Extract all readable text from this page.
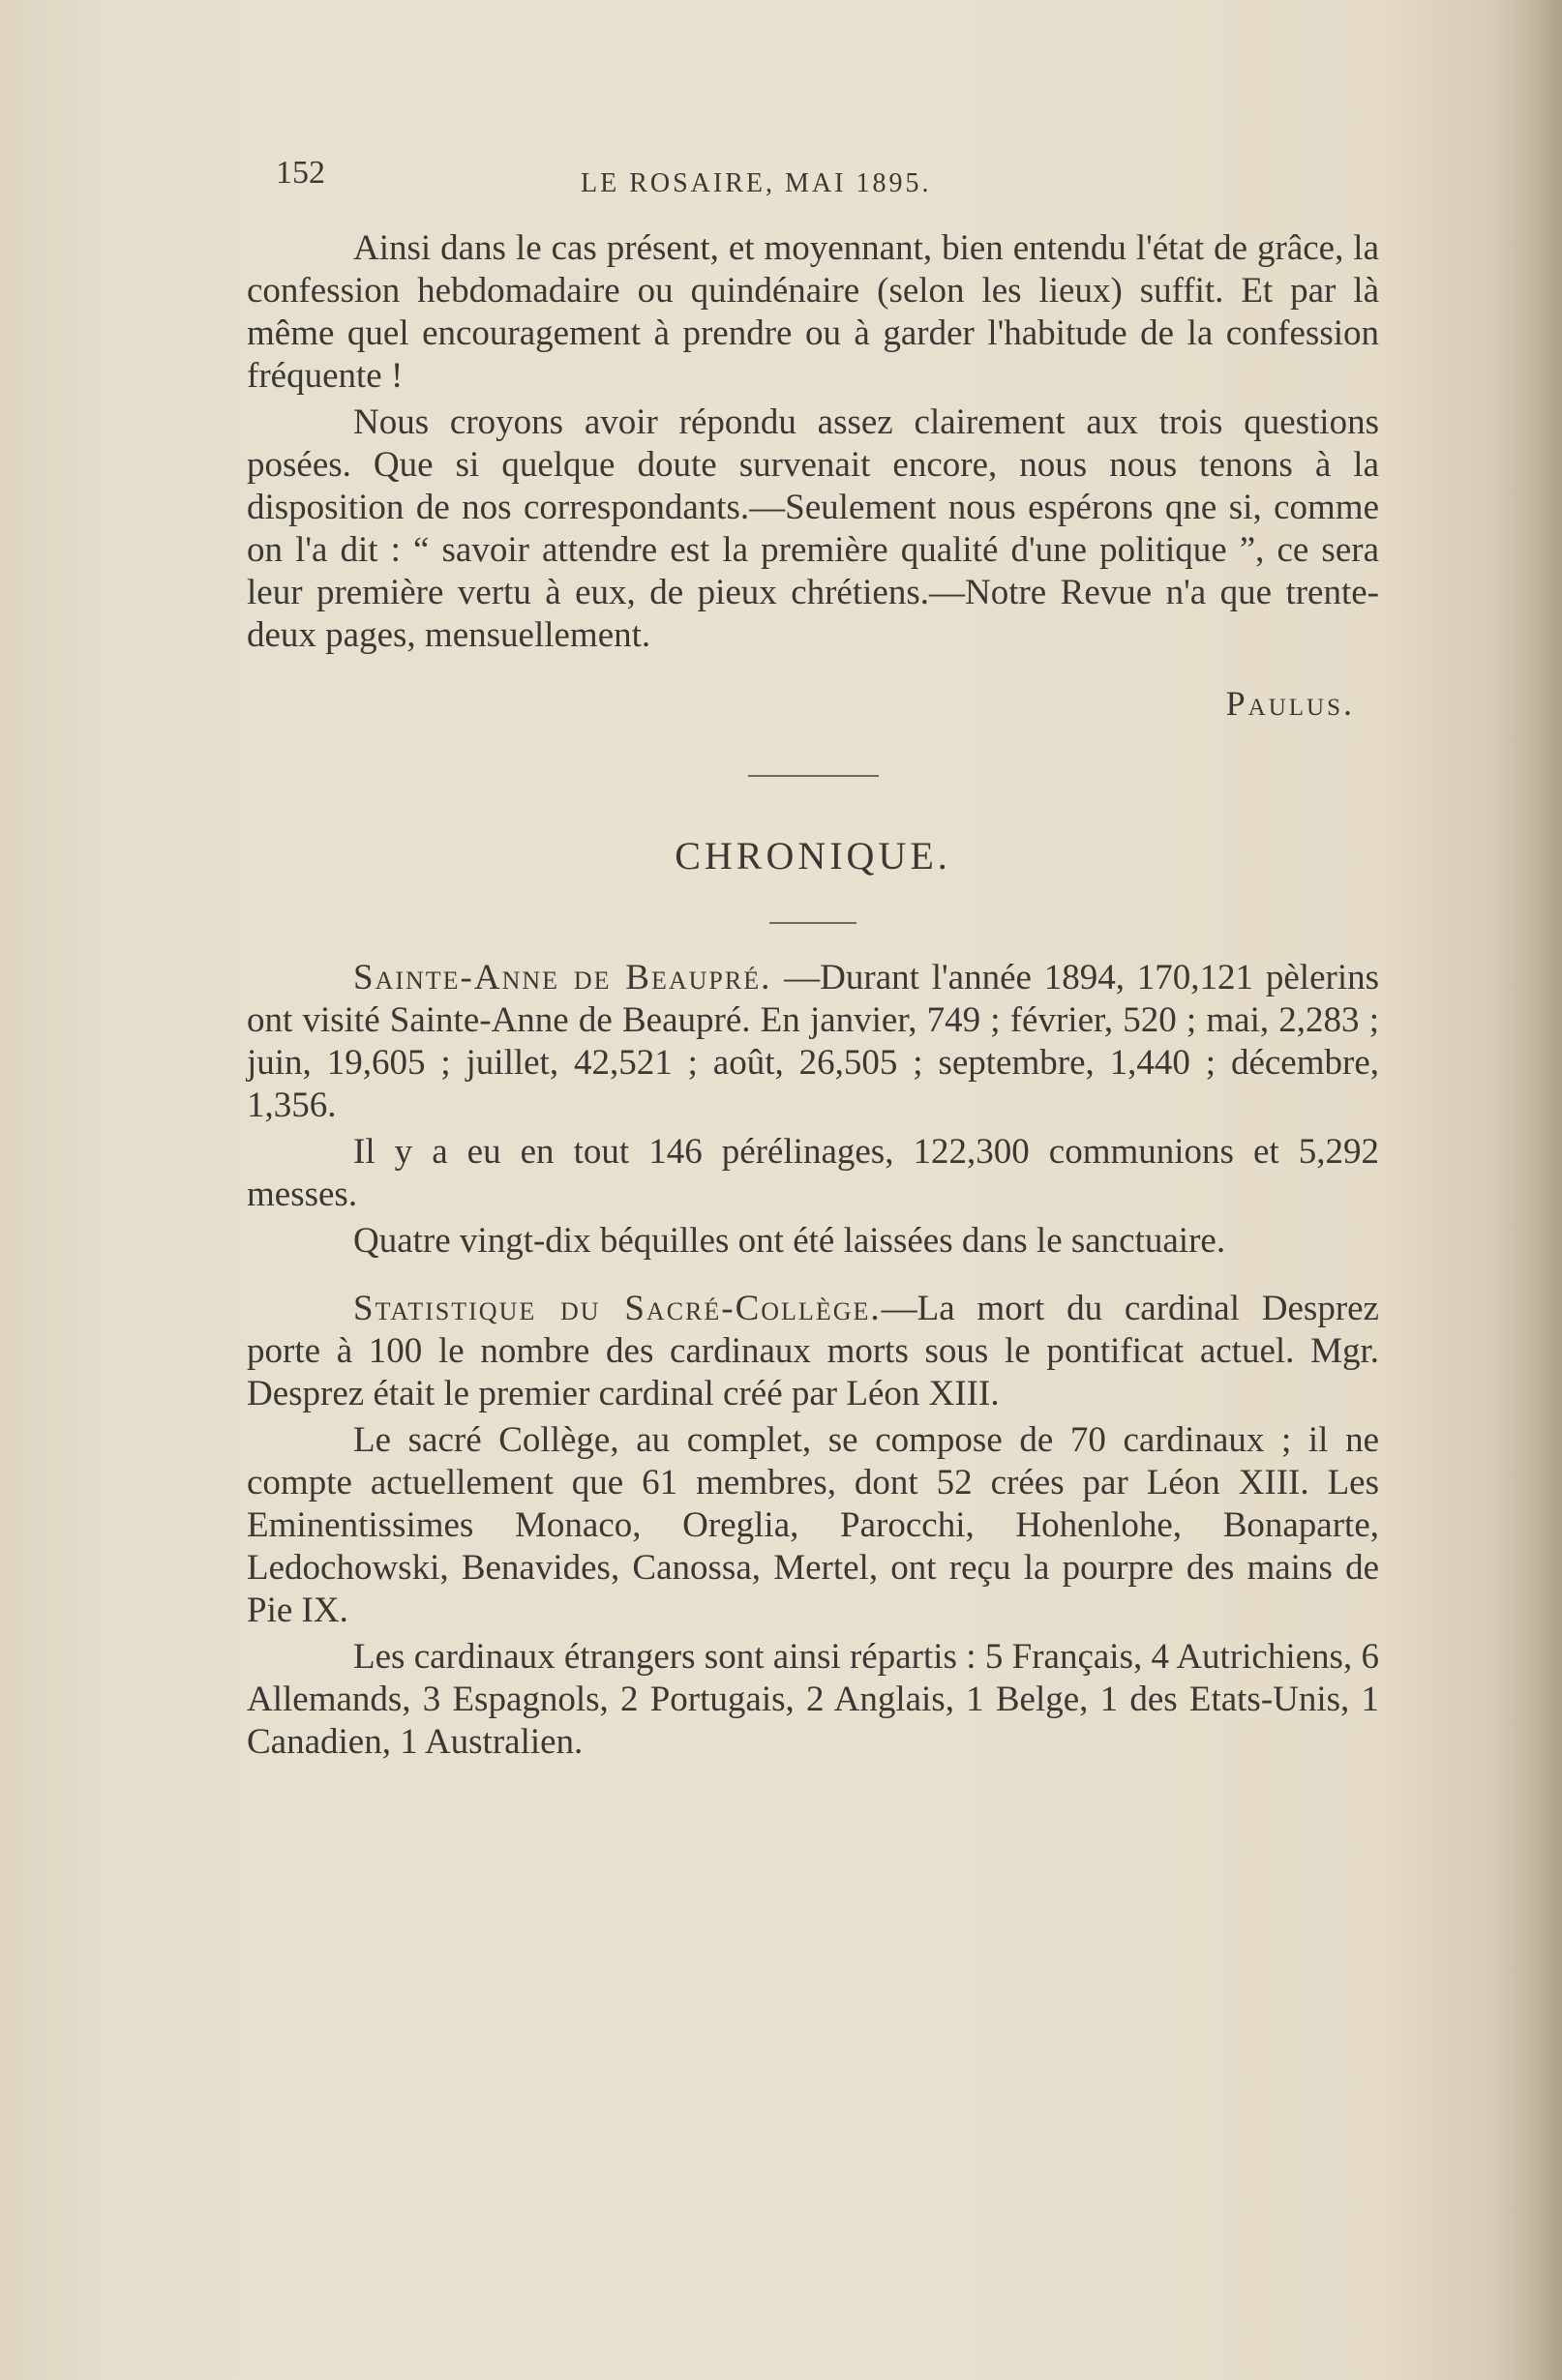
152	LE ROSAIRE, MAI 1895.

Ainsi dans le cas présent, et moyennant, bien entendu l'état de grâce, la confession hebdomadaire ou quindénaire (selon les lieux) suffit. Et par là même quel encouragement à prendre ou à garder l'habitude de la confession fréquente !

Nous croyons avoir répondu assez clairement aux trois questions posées. Que si quelque doute survenait encore, nous nous tenons à la disposition de nos correspondants.—Seulement nous espérons qne si, comme on l'a dit : “ savoir attendre est la première qualité d'une politique ”, ce sera leur première vertu à eux, de pieux chrétiens.—Notre Revue n'a que trente-deux pages, mensuellement.

Paulus.
CHRONIQUE.

Sainte-Anne de Beaupré. —Durant l'année 1894, 170,121 pèlerins ont visité Sainte-Anne de Beaupré. En janvier, 749 ; février, 520 ; mai, 2,283 ; juin, 19,605 ; juillet, 42,521 ; août, 26,505 ; septembre, 1,440 ; décembre, 1,356.

Il y a eu en tout 146 pérélinages, 122,300 communions et 5,292 messes.

Quatre vingt-dix béquilles ont été laissées dans le sanctuaire.

Statistique du Sacré-Collège.—La mort du cardinal Desprez porte à 100 le nombre des cardinaux morts sous le pontificat actuel. Mgr. Desprez était le premier cardinal créé par Léon XIII.

Le sacré Collège, au complet, se compose de 70 cardinaux ; il ne compte actuellement que 61 membres, dont 52 crées par Léon XIII. Les Eminentissimes Monaco, Oreglia, Parocchi, Hohenlohe, Bonaparte, Ledochowski, Benavides, Canossa, Mertel, ont reçu la pourpre des mains de Pie IX.

Les cardinaux étrangers sont ainsi répartis : 5 Français, 4 Autrichiens, 6 Allemands, 3 Espagnols, 2 Portugais, 2 Anglais, 1 Belge, 1 des Etats-Unis, 1 Canadien, 1 Australien.
